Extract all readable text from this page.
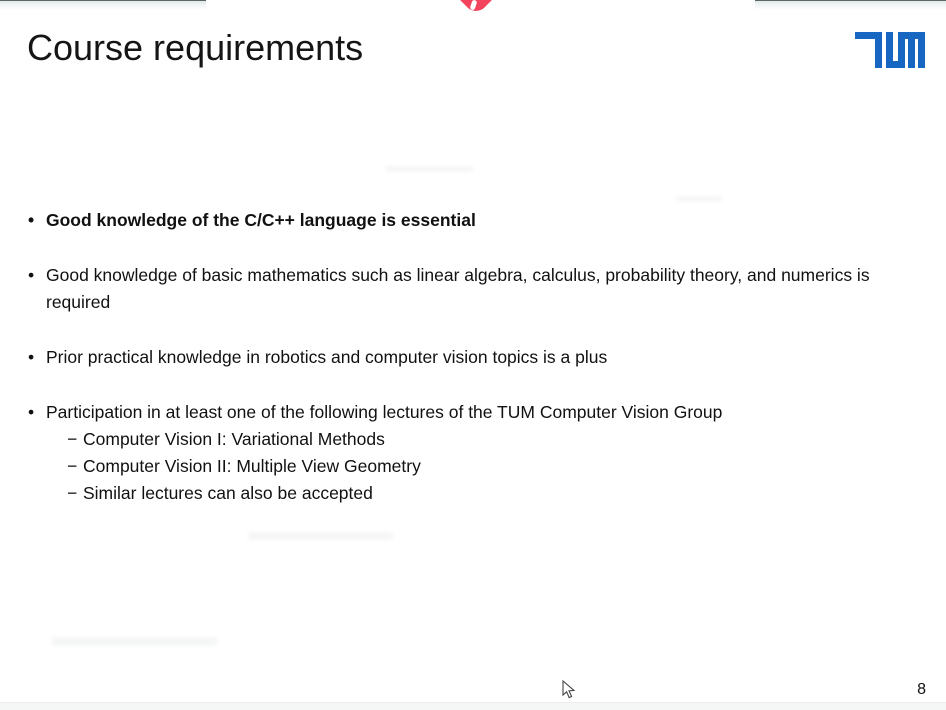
Course requirements
• Good knowledge of the C/C++ language is essential
• Good knowledge of basic mathematics such as linear algebra, calculus, probability theory, and numerics is required
• Prior practical knowledge in robotics and computer vision topics is a plus
• Participation in at least one of the following lectures of the TUM Computer Vision Group
− Computer Vision I: Variational Methods
− Computer Vision II: Multiple View Geometry
− Similar lectures can also be accepted
8
